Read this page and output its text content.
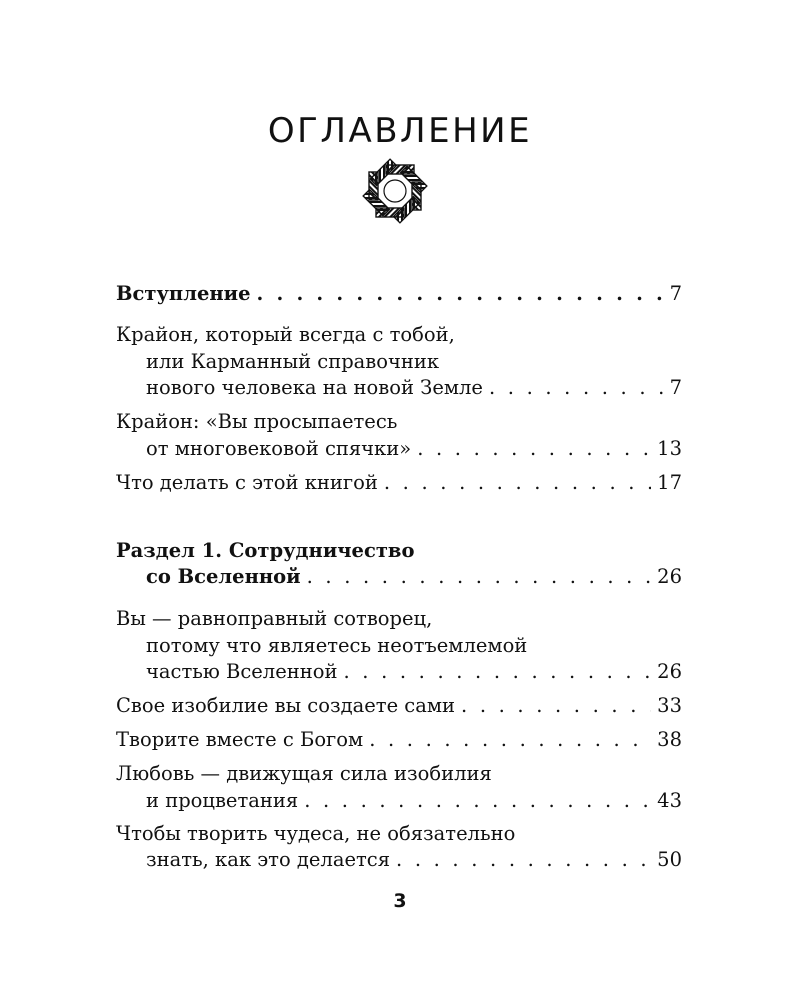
ОГЛАВЛЕНИЕ
Вступление . . .	7
Крайон, который всегда с тобой,
или Карманный справочник
нового человека на новой Земле . . .	7
Крайон: «Вы просыпаетесь
от многовековой спячки» . . .	13
Что делать с этой книгой . . .	17
Раздел 1. Сотрудничество
со Вселенной . . .	26
Вы — равноправный сотворец,
потому что являетесь неотъемлемой
частью Вселенной . . .	26
Свое изобилие вы создаете сами . . .	33
Творите вместе с Богом . . .	38
Любовь — движущая сила изобилия
и процветания . . .	43
Чтобы творить чудеса, не обязательно
знать, как это делается . . .	50
3
